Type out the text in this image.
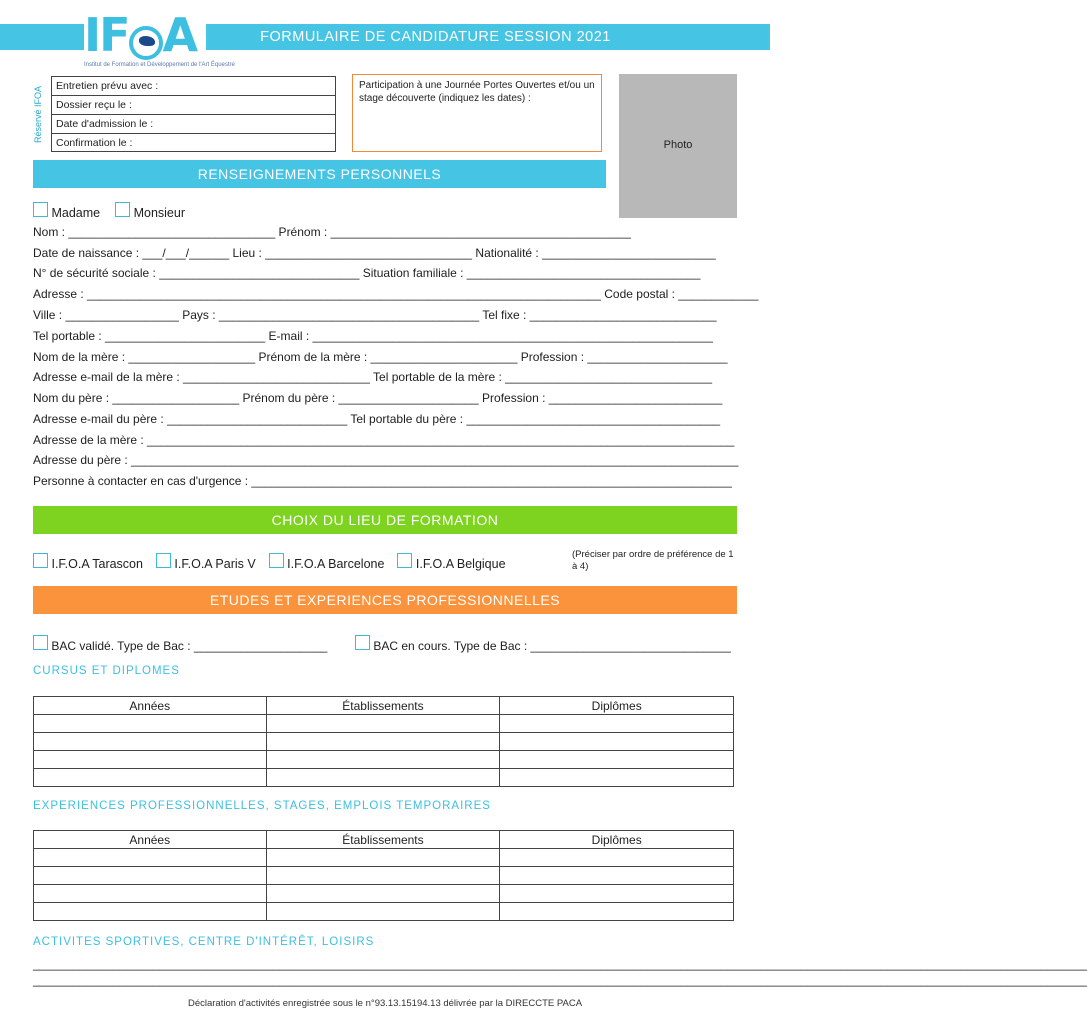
FORMULAIRE DE CANDIDATURE SESSION 2021
IF A
Institut de Formation et Développement de l'Art Équestre
Réservé IFOA	Entretien prévu avec :
Dossier reçu le :
Date d'admission le :
Confirmation le :
Participation à une Journée Portes Ouvertes et/ou un stage découverte (indiquez les dates) :
Photo
RENSEIGNEMENTS PERSONNELS
Madame	Monsieur
Nom : _______________________________ Prénom : _____________________________________________
Date de naissance : ___/___/______ Lieu : _______________________________ Nationalité : __________________________
N° de sécurité sociale : ______________________________ Situation familiale : ___________________________________
Adresse : _____________________________________________________________________________ Code postal : ____________
Ville : _________________ Pays : _______________________________________ Tel fixe : ____________________________
Tel portable : ________________________ E-mail : ____________________________________________________________
Nom de la mère : ___________________ Prénom de la mère : ______________________ Profession : _____________________
Adresse e-mail de la mère : ____________________________ Tel portable de la mère : _______________________________
Nom du père : ___________________ Prénom du père : _____________________ Profession : __________________________
Adresse e-mail du père : ___________________________ Tel portable du père : ______________________________________
Adresse de la mère : ________________________________________________________________________________________
Adresse du père : ___________________________________________________________________________________________
Personne à contacter en cas d'urgence : ________________________________________________________________________
CHOIX DU LIEU DE FORMATION
I.F.O.A Tarascon	I.F.O.A Paris V	I.F.O.A Barcelone	I.F.O.A Belgique
(Préciser par ordre de préférence de 1 à 4)
ETUDES ET EXPERIENCES PROFESSIONNELLES
BAC validé. Type de Bac : ____________________	BAC en cours. Type de Bac : ______________________________
CURSUS ET DIPLOMES
Années	Établissements	Diplômes

EXPERIENCES PROFESSIONNELLES, STAGES, EMPLOIS TEMPORAIRES
Années	Établissements	Diplômes

ACTIVITES SPORTIVES, CENTRE D'INTÉRÊT, LOISIRS
______________________________________________________________________________________________________________________________________________________________
______________________________________________________________________________________________________________________________________________________________
Déclaration d'activités enregistrée sous le n°93.13.15194.13 délivrée par la DIRECCTE PACA
